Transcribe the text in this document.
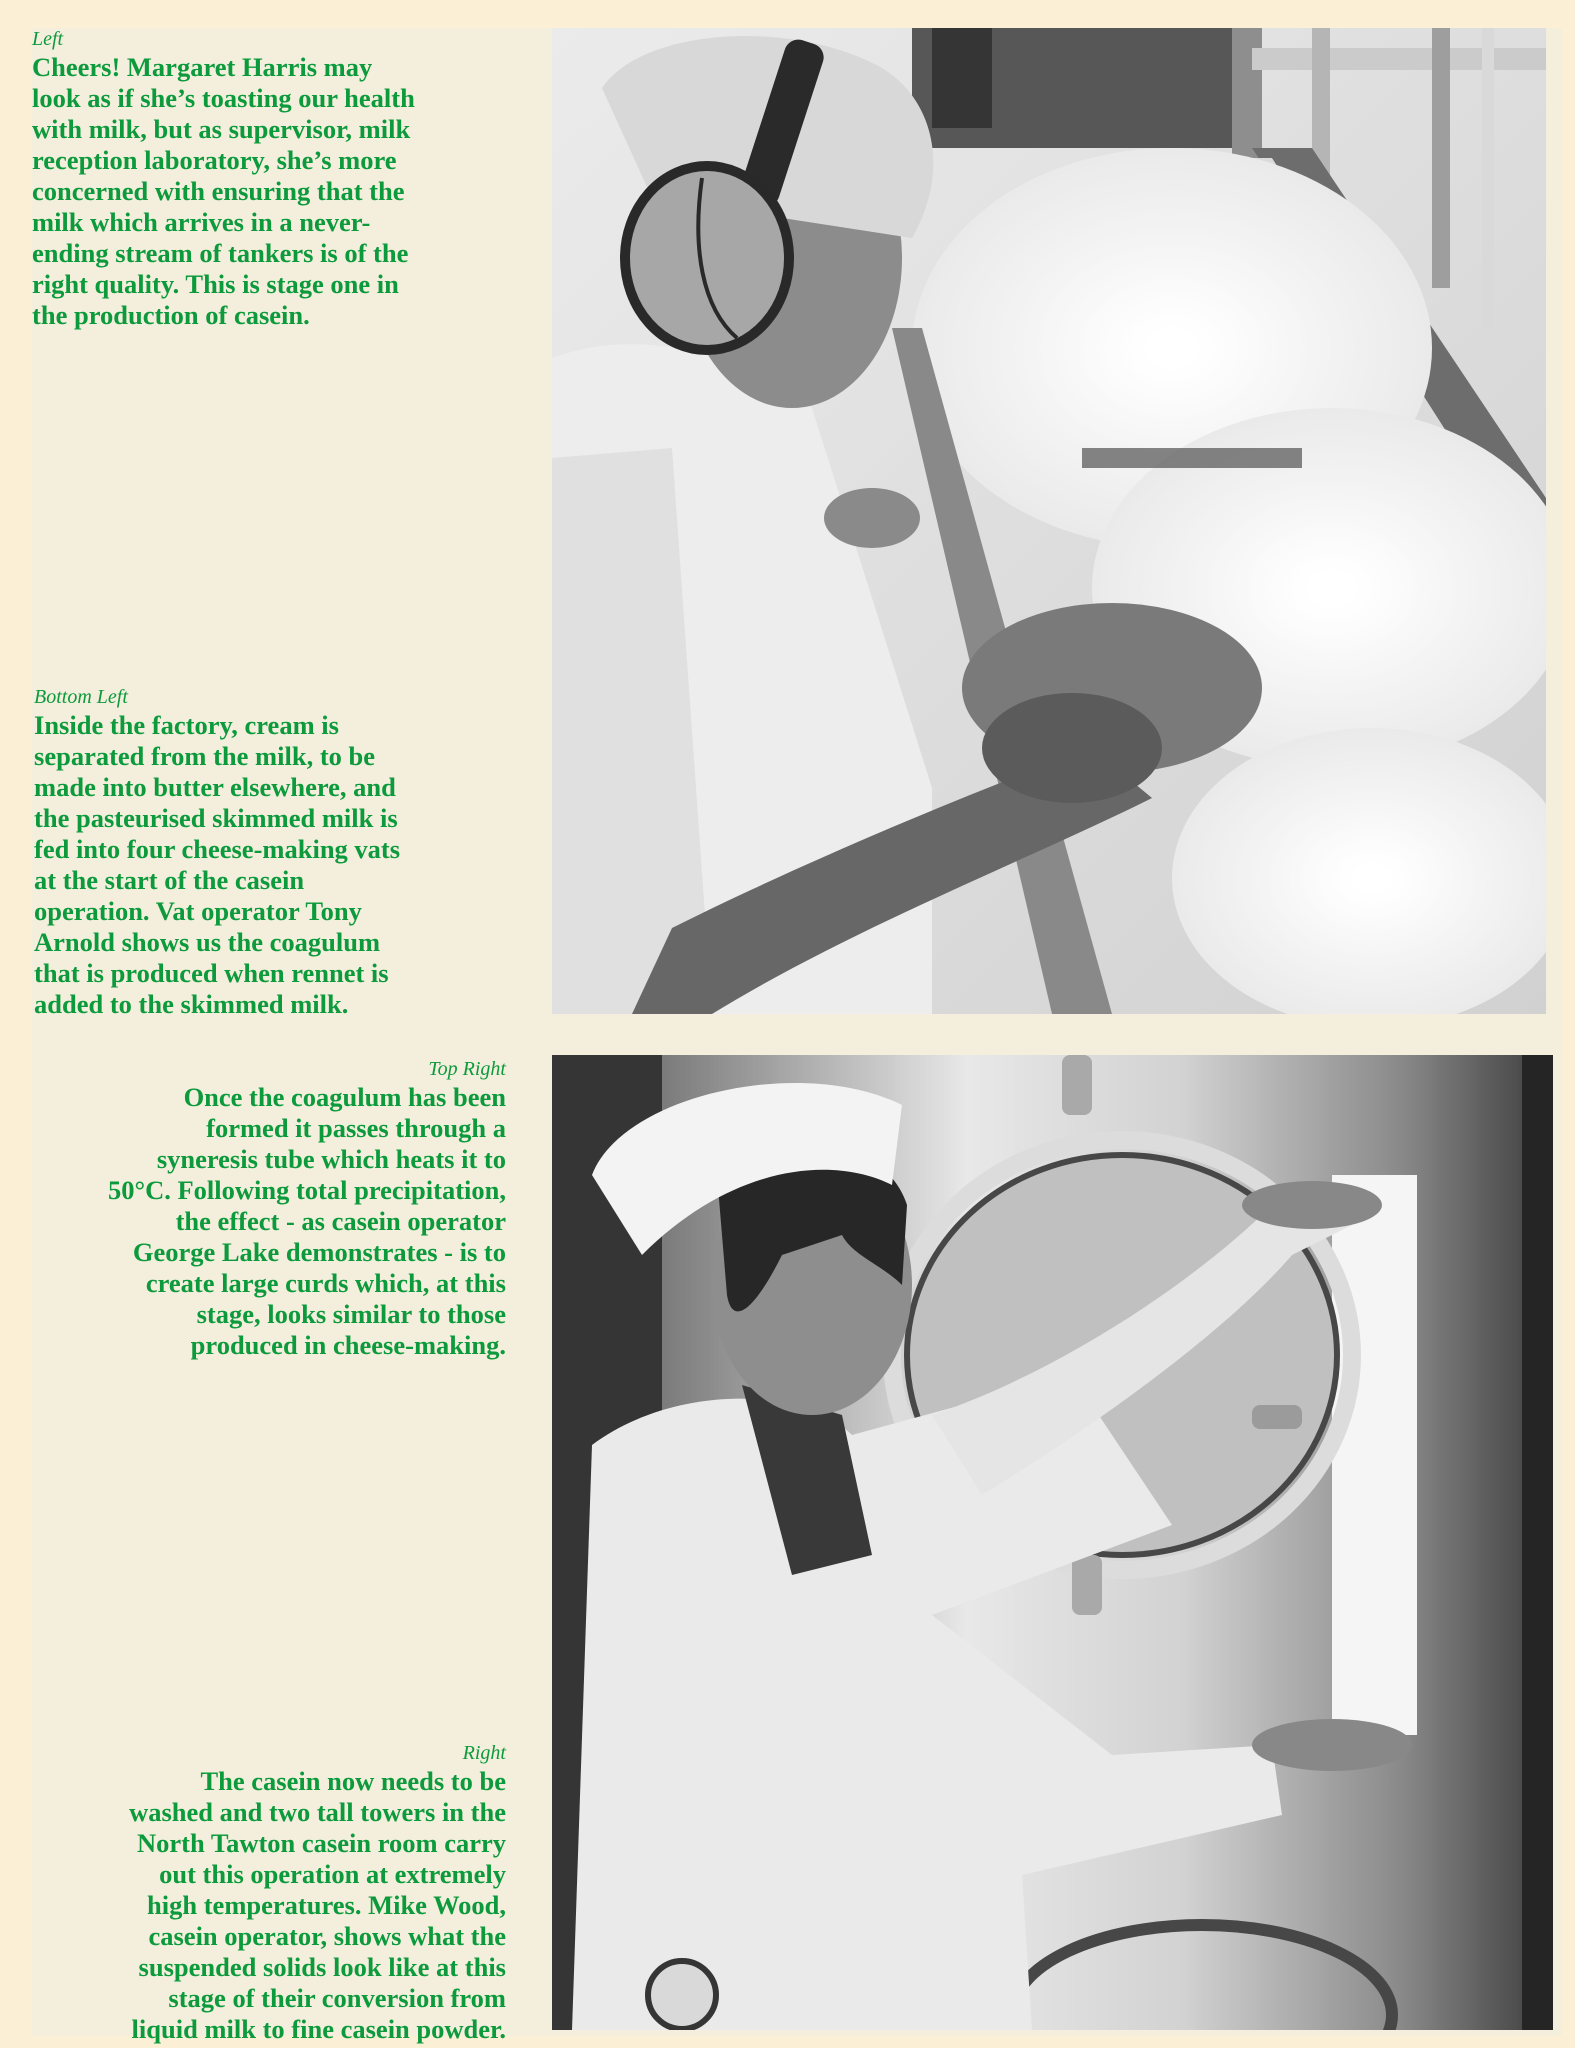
Left
Cheers! Margaret Harris may
look as if she’s toasting our health
with milk, but as supervisor, milk
reception laboratory, she’s more
concerned with ensuring that the
milk which arrives in a never-
ending stream of tankers is of the
right quality. This is stage one in
the production of casein.
Bottom Left
Inside the factory, cream is
separated from the milk, to be
made into butter elsewhere, and
the pasteurised skimmed milk is
fed into four cheese-making vats
at the start of the casein
operation. Vat operator Tony
Arnold shows us the coagulum
that is produced when rennet is
added to the skimmed milk.
Top Right
Once the coagulum has been
formed it passes through a
syneresis tube which heats it to
50°C. Following total precipitation,
the effect - as casein operator
George Lake demonstrates - is to
create large curds which, at this
stage, looks similar to those
produced in cheese-making.
Right
The casein now needs to be
washed and two tall towers in the
North Tawton casein room carry
out this operation at extremely
high temperatures. Mike Wood,
casein operator, shows what the
suspended solids look like at this
stage of their conversion from
liquid milk to fine casein powder.
